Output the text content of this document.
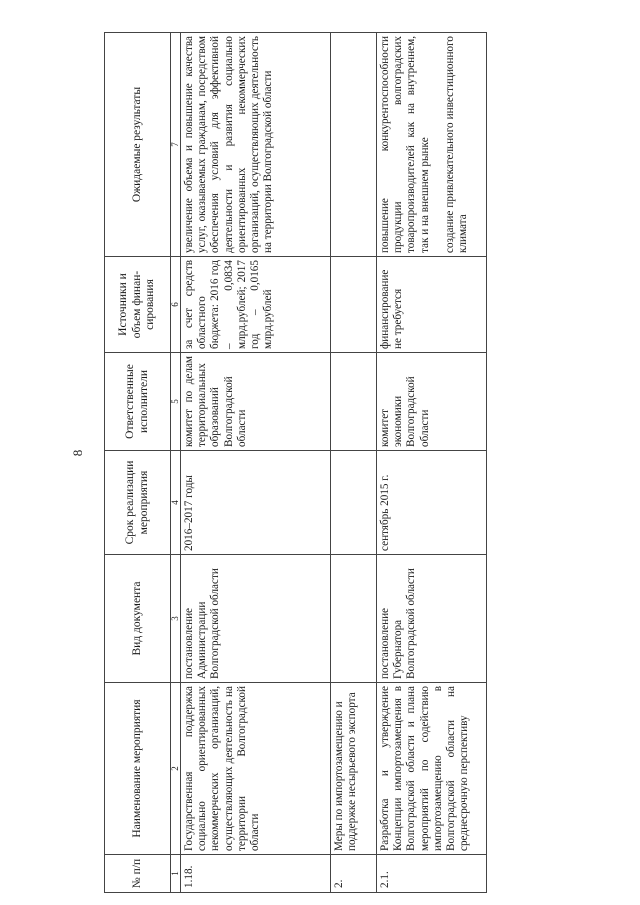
8
№ п/п	Наименование мероприятия	Вид документа	Срок реализации мероприятия	Ответственные исполнители	Источники и объем финан- сирования	Ожидаемые результаты
1	2	3	4	5	6	7
1.18.	Государственная поддержка социально ориентированных некоммерческих организаций, осуществляющих деятельность на территории Волгоградской области	постановление Администрации Волгоградской области	2016–2017 годы	комитет по делам территориальных образований Волгоградской области	за счет средств областного бюджета: 2016 год – 0,0834 млрд.рублей; 2017 год – 0,0165 млрд.рублей	увеличение объема и повышение качества услуг, оказываемых гражданам, посредством обеспечения условий для эффективной деятельности и развития социально ориентированных некоммерческих организаций, осуществляющих деятельность на территории Волгоградской области
2.	Меры по импортозамещению и поддержке несырьевого экспорта					
2.1.	Разработка и утверждение Концепции импортозамещения в Волгоградской области и плана мероприятий по содействию импортозамещению в Волгоградской области на среднесрочную перспективу	постановление Губернатора Волгоградской области	сентябрь 2015 г.	комитет экономики Волгоградской области	финансирование не требуется	повышение конкурентоспособности продукции волгоградских товаропроизводителей как на внутреннем, так и на внешнем рынке создание привлекательного инвестиционного климата
